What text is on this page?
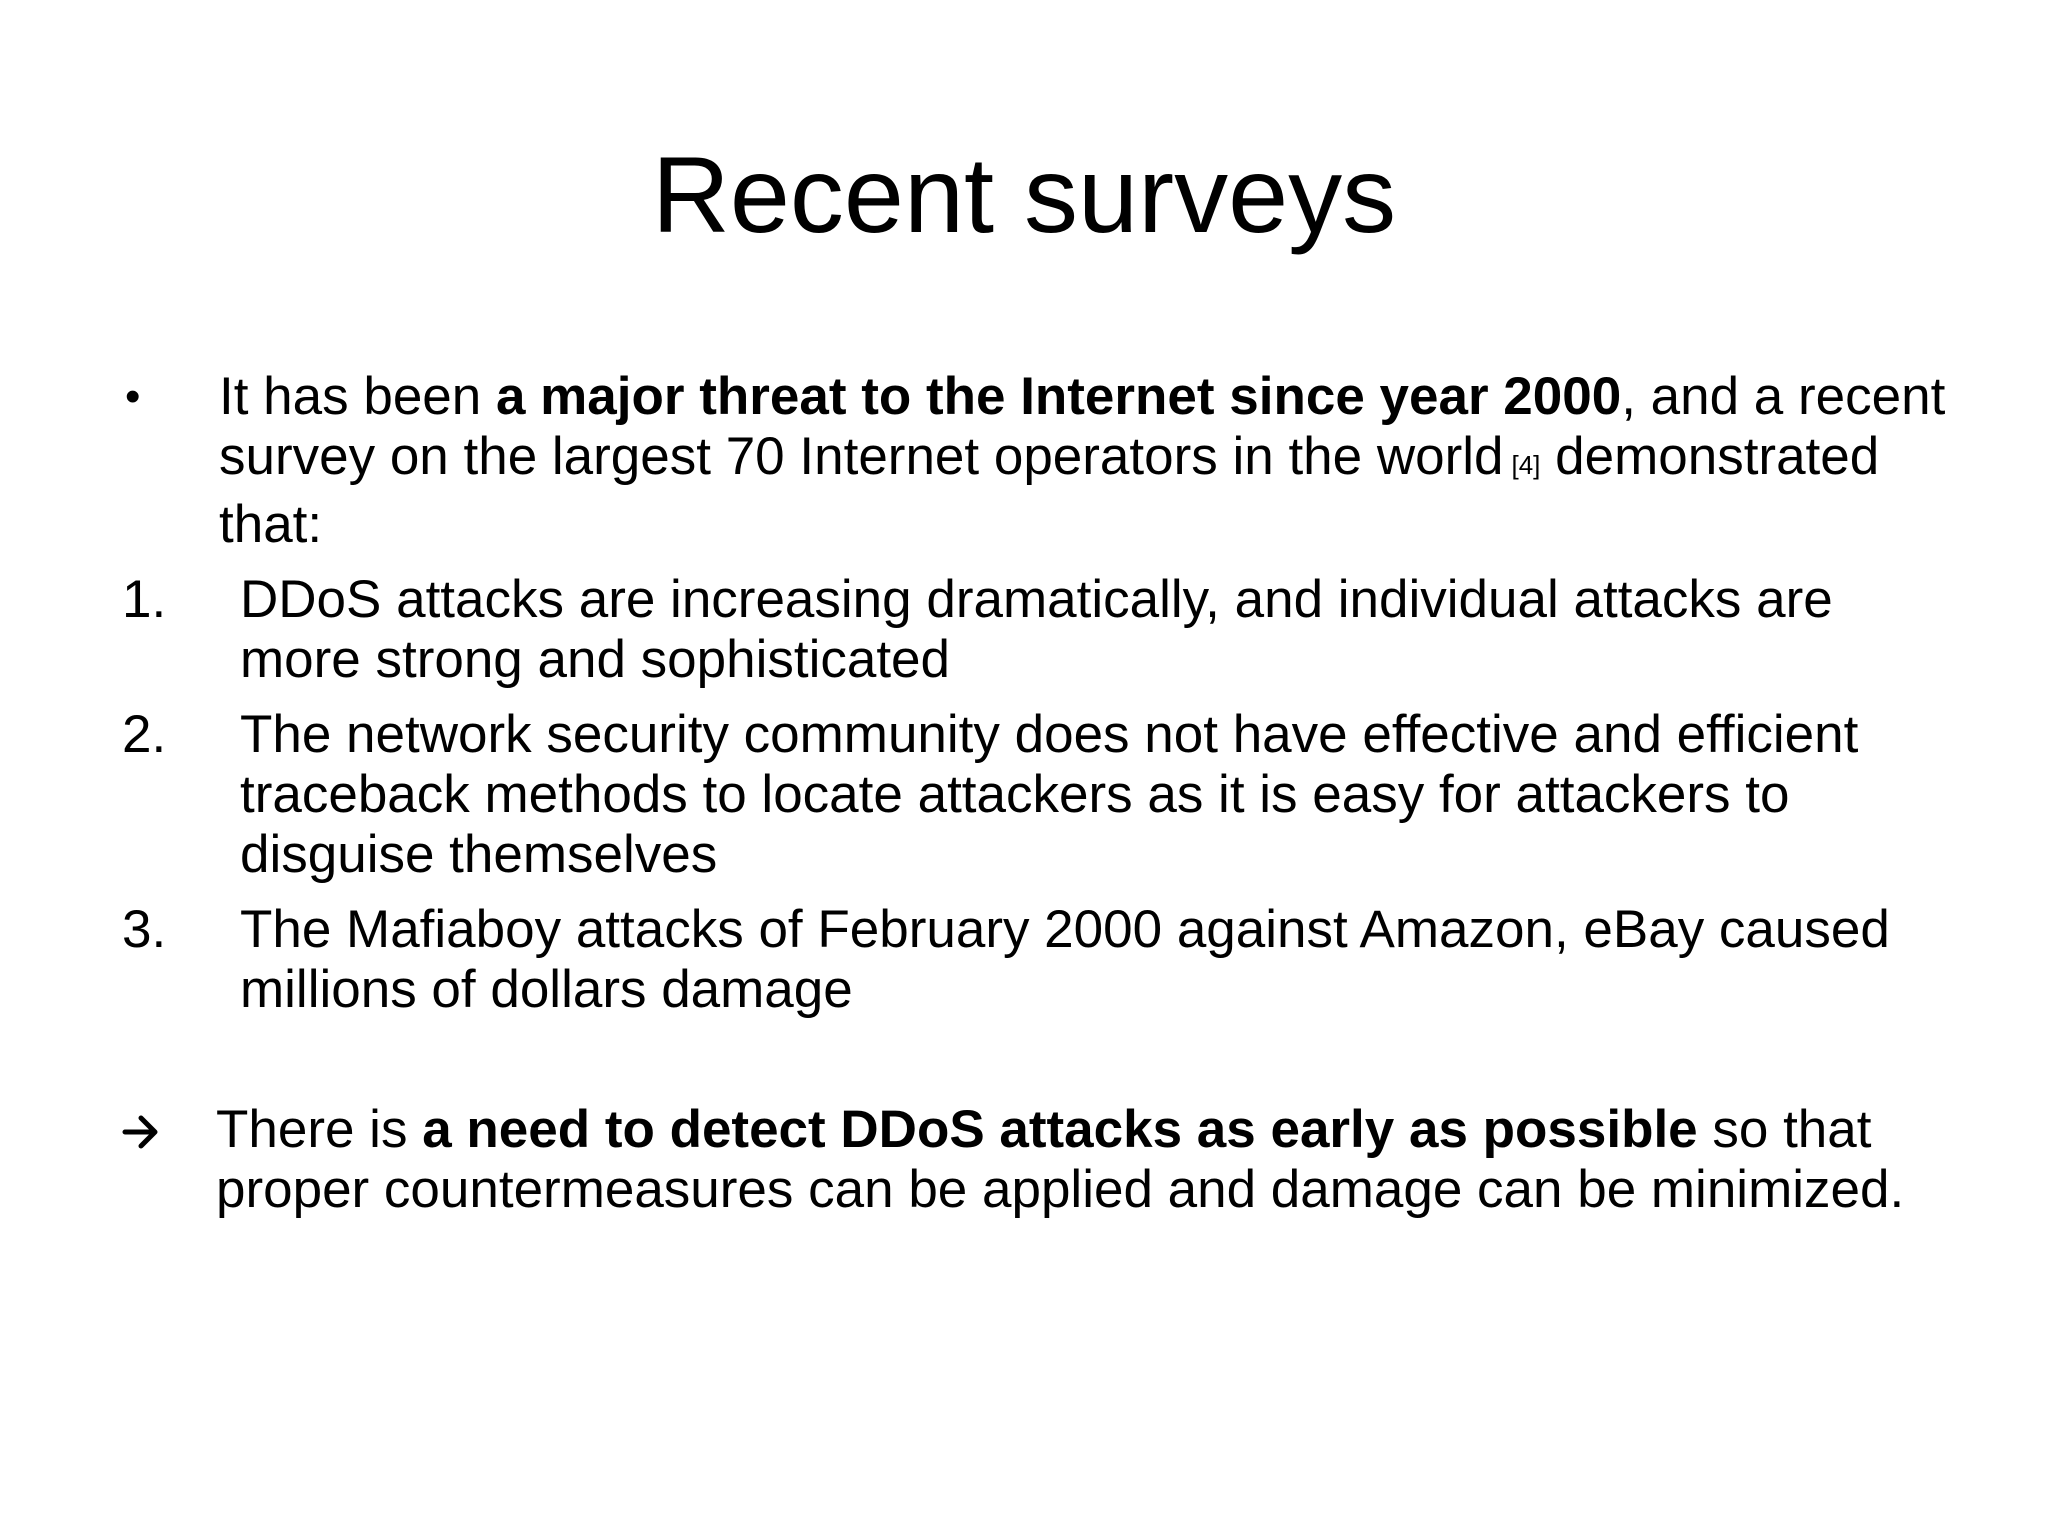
Recent surveys
•	It has been a major threat to the Internet since year 2000, and a recent survey on the largest 70 Internet operators in the world [4] demonstrated that:
1.	DDoS attacks are increasing dramatically, and individual attacks are more strong and sophisticated
2.	The network security community does not have effective and efficient traceback methods to locate attackers as it is easy for attackers to disguise themselves
3.	The Mafiaboy attacks of February 2000 against Amazon, eBay caused millions of dollars damage
There is a need to detect DDoS attacks as early as possible so that proper countermeasures can be applied and damage can be minimized.
